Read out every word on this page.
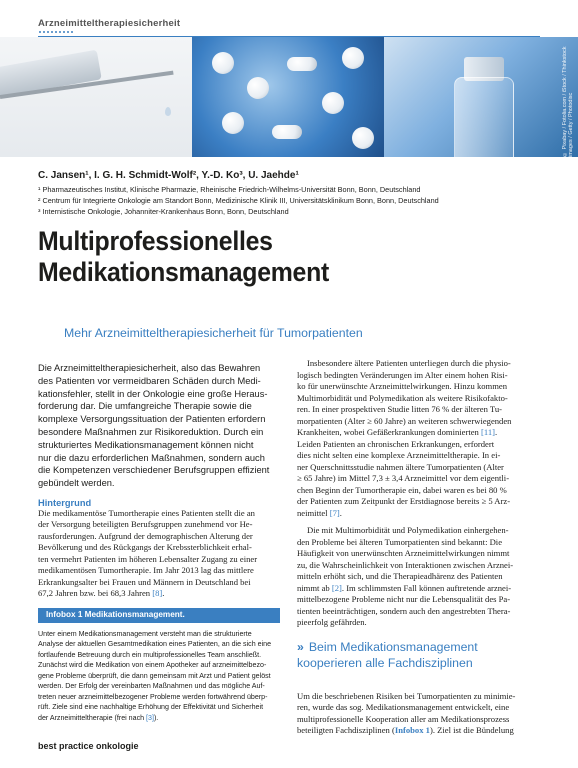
Arzneimitteltherapiesicherheit
© Pixabay / Fotolia.com / iStock / Thinkstock images / Getty / Photodisc
C. Jansen¹, I. G. H. Schmidt-Wolf², Y.-D. Ko³, U. Jaehde¹
¹ Pharmazeutisches Institut, Klinische Pharmazie, Rheinische Friedrich-Wilhelms-Universität Bonn, Bonn, Deutschland
² Centrum für Integrierte Onkologie am Standort Bonn, Medizinische Klinik III, Universitätsklinikum Bonn, Bonn, Deutschland
³ Internistische Onkologie, Johanniter-Krankenhaus Bonn, Bonn, Deutschland
Multiprofessionelles
Medikationsmanagement
Mehr Arzneimitteltherapiesicherheit für Tumorpatienten

Die Arzneimitteltherapiesicherheit, also das Bewahren

des Patienten vor vermeidbaren Schäden durch Medi-

kationsfehler, stellt in der Onkologie eine große Heraus-

forderung dar. Die umfangreiche Therapie sowie die

komplexe Versorgungssituation der Patienten erfordern

besondere Maßnahmen zur Risikoreduktion. Durch ein

strukturiertes Medikationsmanagement können nicht

nur die dazu erforderlichen Maßnahmen, sondern auch

die Kompetenzen verschiedener Berufsgruppen effizient

gebündelt werden.

Hintergrund

Die medikamentöse Tumortherapie eines Patienten stellt die an

der Versorgung beteiligten Berufsgruppen zunehmend vor He-

rausforderungen. Aufgrund der demographischen Alterung der

Bevölkerung und des Rückgangs der Krebssterblichkeit erhal-

ten vermehrt Patienten im höheren Lebensalter Zugang zu einer

medikamentösen Tumortherapie. Im Jahr 2013 lag das mittlere

Erkrankungsalter bei Frauen und Männern in Deutschland bei

67,2 Jahren bzw. bei 68,3 Jahren [8].

Infobox 1 Medikationsmanagement.

Unter einem Medikationsmanagement versteht man die strukturierte

Analyse der aktuellen Gesamtmedikation eines Patienten, an die sich eine

fortlaufende Betreuung durch ein multiprofessionelles Team anschließt.

Zunächst wird die Medikation von einem Apotheker auf arzneimittelbezo-

gene Probleme überprüft, die dann gemeinsam mit Arzt und Patient gelöst

werden. Der Erfolg der vereinbarten Maßnahmen und das mögliche Auf-

treten neuer arzneimittelbezogener Probleme werden fortwährend überp-

rüft. Ziele sind eine nachhaltige Erhöhung der Effektivität und Sicherheit

der Arzneimitteltherapie (frei nach [3]).

Insbesondere ältere Patienten unterliegen durch die physio-

logisch bedingten Veränderungen im Alter einem hohen Risi-

ko für unerwünschte Arzneimittelwirkungen. Hinzu kommen

Multimorbidität und Polymedikation als weitere Risikofakto-

ren. In einer prospektiven Studie litten 76 % der älteren Tu-

morpatienten (Alter ≥ 60 Jahre) an weiteren schwerwiegenden

Krankheiten, wobei Gefäßerkrankungen dominierten [11].

Leiden Patienten an chronischen Erkrankungen, erfordert

dies nicht selten eine komplexe Arzneimitteltherapie. In ei-

ner Querschnittsstudie nahmen ältere Tumorpatienten (Alter

≥ 65 Jahre) im Mittel 7,3 ± 3,4 Arzneimittel vor dem eigentli-

chen Beginn der Tumortherapie ein, dabei waren es bei 80 %

der Patienten zum Zeitpunkt der Erstdiagnose bereits ≥ 5 Arz-

neimittel [7].

Die mit Multimorbidität und Polymedikation einhergehen-

den Probleme bei älteren Tumorpatienten sind bekannt: Die

Häufigkeit von unerwünschten Arzneimittelwirkungen nimmt

zu, die Wahrscheinlichkeit von Interaktionen zwischen Arznei-

mitteln erhöht sich, und die Therapieadhärenz des Patienten

nimmt ab [2]. Im schlimmsten Fall können auftretende arznei-

mittelbezogene Probleme nicht nur die Lebensqualität des Pa-

tienten beeinträchtigen, sondern auch den angestrebten Thera-

pieerfolg gefährden.

» Beim Medikationsmanagement
kooperieren alle Fachdisziplinen

Um die beschriebenen Risiken bei Tumorpatienten zu minimie-

ren, wurde das sog. Medikationsmanagement entwickelt, eine

multiprofessionelle Kooperation aller am Medikationsprozess

beteiligten Fachdisziplinen (Infobox 1). Ziel ist die Bündelung

best practice onkologie
